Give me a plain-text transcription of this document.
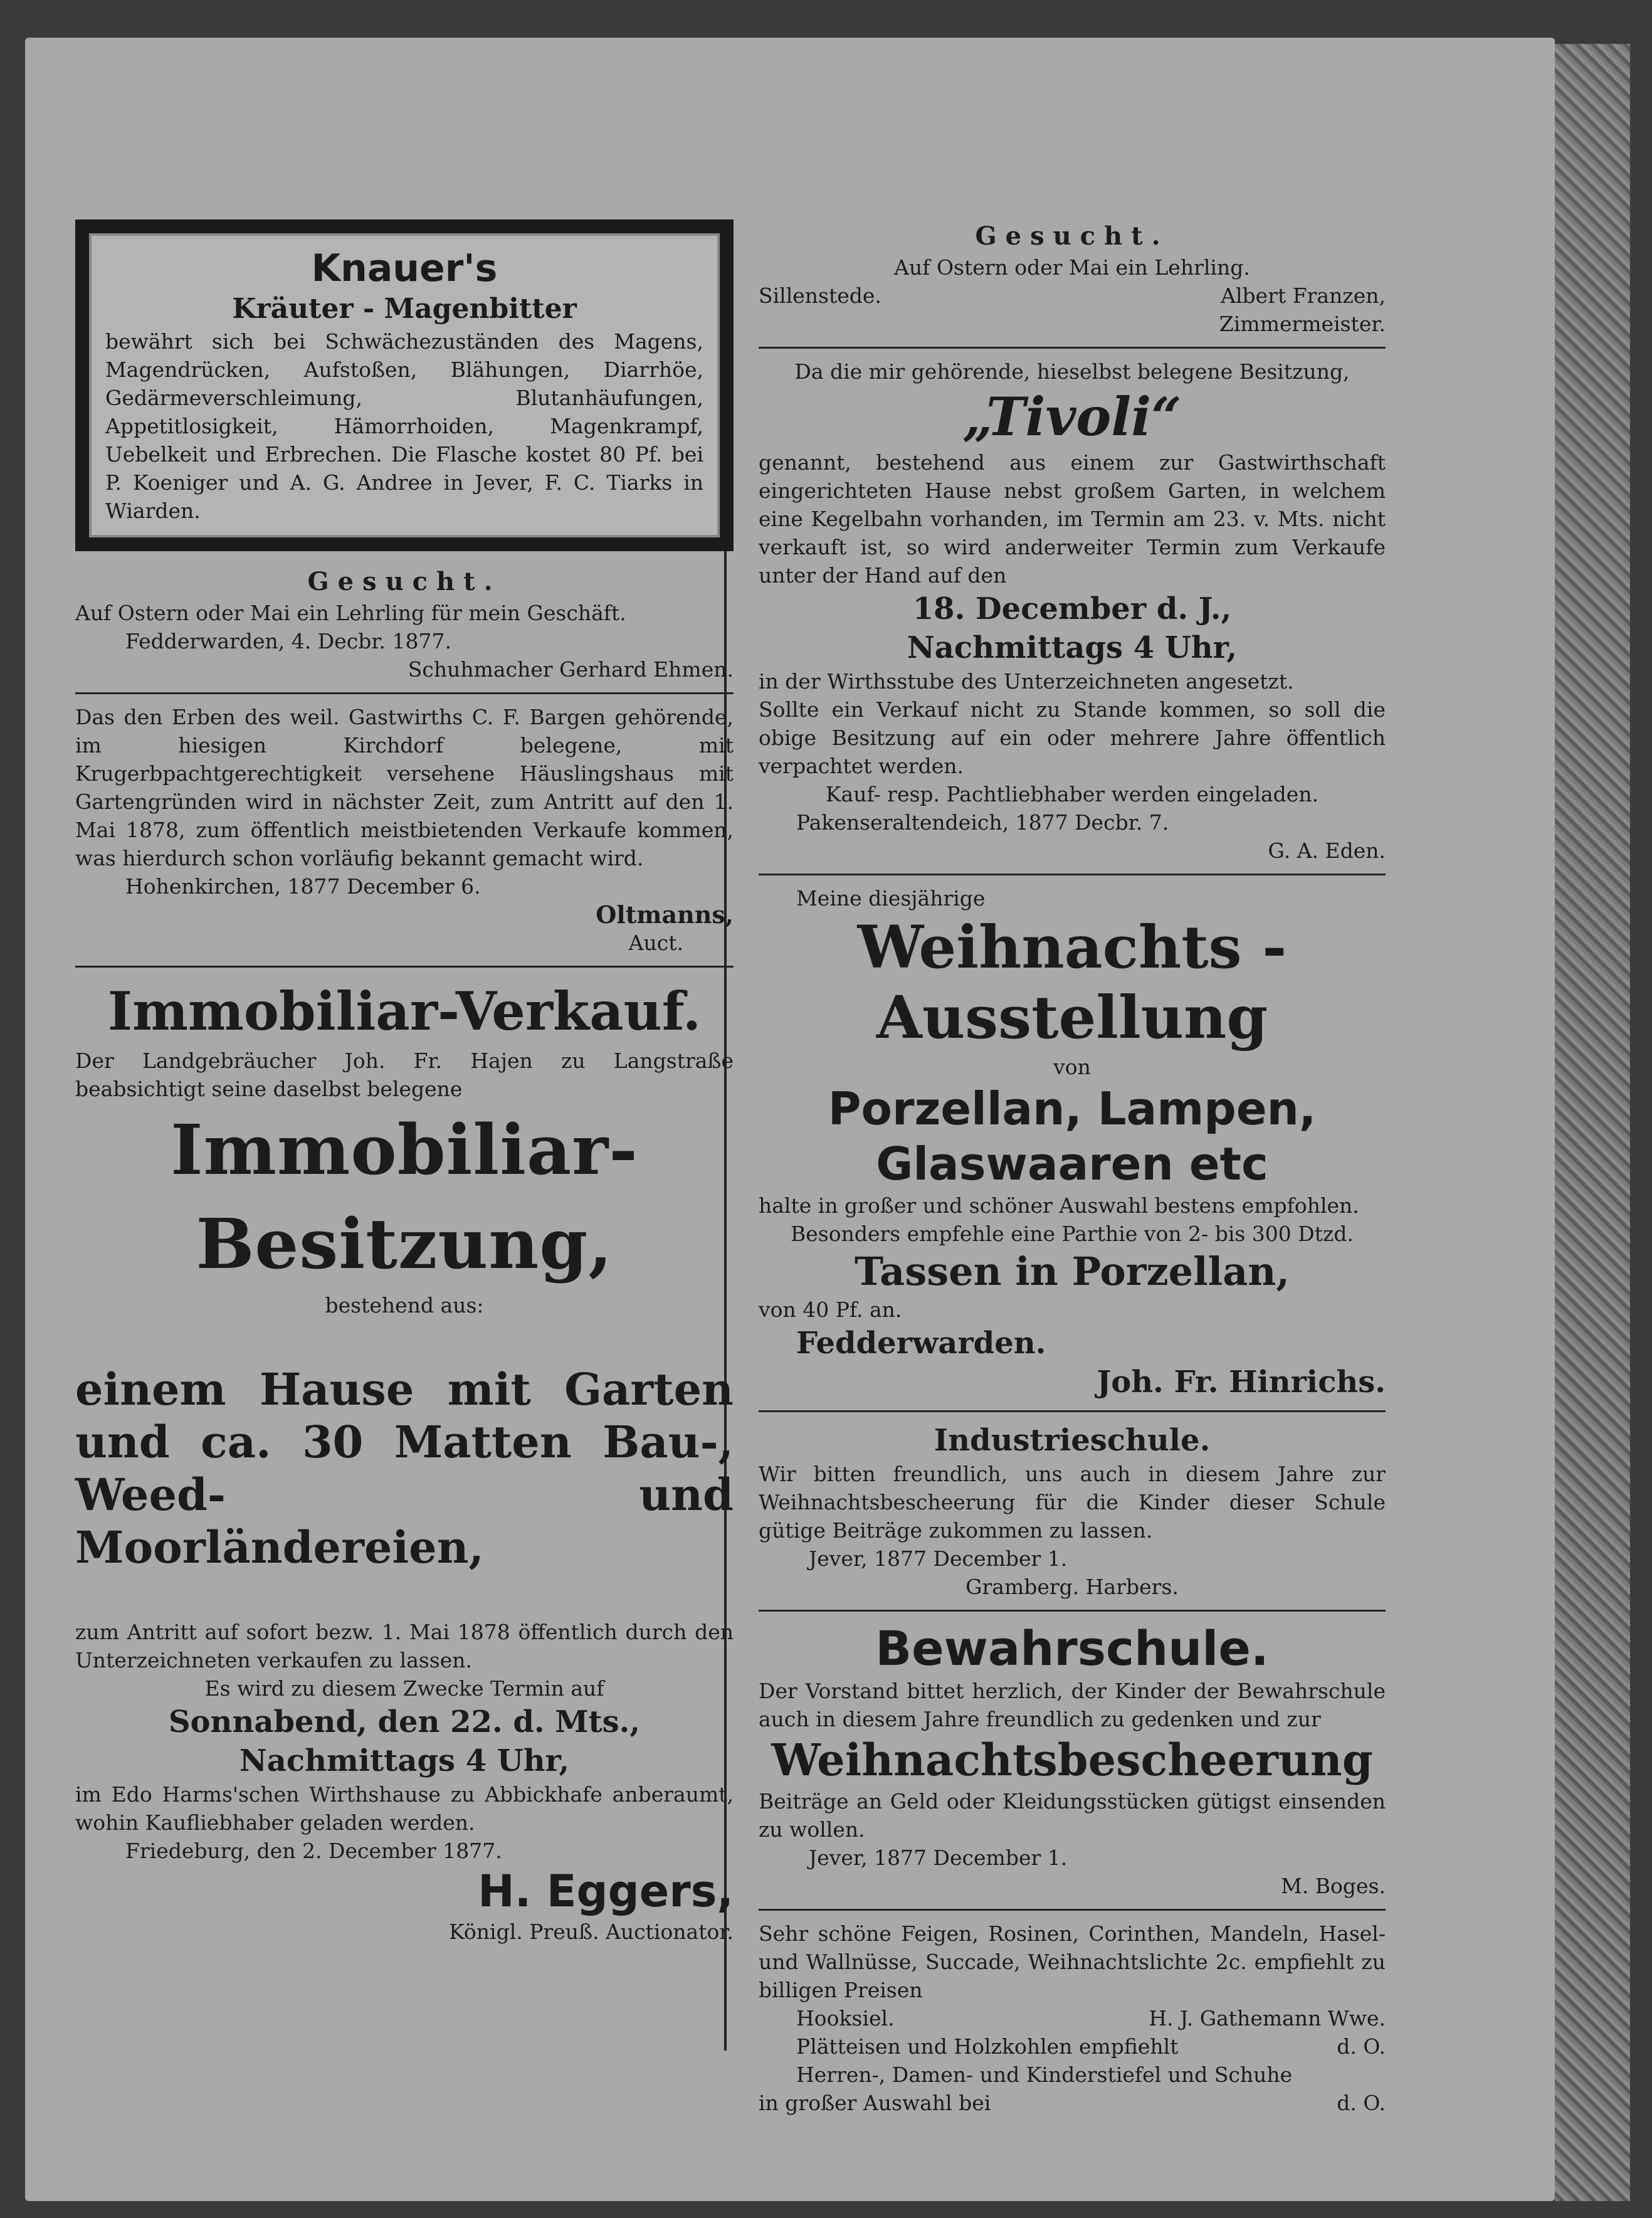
Knauer's
Kräuter - Magenbitter

bewährt sich bei Schwächezuständen des Magens, Magendrücken, Aufstoßen, Blähungen, Diarrhöe, Gedärmeverschleimung, Blutanhäufungen, Appetitlosigkeit, Hämorrhoiden, Magenkrampf, Uebelkeit und Erbrechen. Die Flasche kostet 80 Pf. bei P. Koeniger und A. G. Andree in Jever, F. C. Tiarks in Wiarden.

Gesucht.

Auf Ostern oder Mai ein Lehrling für mein Geschäft.

Fedderwarden, 4. Decbr. 1877.

Schuhmacher Gerhard Ehmen.

Das den Erben des weil. Gastwirths C. F. Bargen gehörende, im hiesigen Kirchdorf belegene, mit Krugerbpachtgerechtigkeit versehene Häuslingshaus mit Gartengründen wird in nächster Zeit, zum Antritt auf den 1. Mai 1878, zum öffentlich meistbietenden Verkaufe kommen, was hierdurch schon vorläufig bekannt gemacht wird.

Hohenkirchen, 1877 December 6.

Oltmanns,

Auct.

Immobiliar-Verkauf.

Der Landgebräucher Joh. Fr. Hajen zu Langstraße beabsichtigt seine daselbst belegene

Immobiliar-
Besitzung,

bestehend aus:

einem Hause mit Garten und ca. 30 Matten Bau-, Weed- und Moorländereien,

zum Antritt auf sofort bezw. 1. Mai 1878 öffentlich durch den Unterzeichneten verkaufen zu lassen.

Es wird zu diesem Zwecke Termin auf

Sonnabend, den 22. d. Mts.,
Nachmittags 4 Uhr,

im Edo Harms'schen Wirthshause zu Abbickhafe anberaumt, wohin Kaufliebhaber geladen werden.

Friedeburg, den 2. December 1877.

H. Eggers,

Königl. Preuß. Auctionator.

Gesucht.

Auf Ostern oder Mai ein Lehrling.

Sillenstede.	Albert Franzen,

Zimmermeister.

Da die mir gehörende, hieselbst belegene Besitzung,

„Tivoli“

genannt, bestehend aus einem zur Gastwirthschaft eingerichteten Hause nebst großem Garten, in welchem eine Kegelbahn vorhanden, im Termin am 23. v. Mts. nicht verkauft ist, so wird anderweiter Termin zum Verkaufe unter der Hand auf den

18. December d. J.,
Nachmittags 4 Uhr,

in der Wirthsstube des Unterzeichneten angesetzt.

Sollte ein Verkauf nicht zu Stande kommen, so soll die obige Besitzung auf ein oder mehrere Jahre öffentlich verpachtet werden.

Kauf- resp. Pachtliebhaber werden eingeladen.

Pakenseraltendeich, 1877 Decbr. 7.

G. A. Eden.

Meine diesjährige

Weihnachts - Ausstellung

von

Porzellan, Lampen,
Glaswaaren etc

halte in großer und schöner Auswahl bestens empfohlen.

Besonders empfehle eine Parthie von 2- bis 300 Dtzd.

Tassen in Porzellan,

von 40 Pf. an.

Fedderwarden.
Joh. Fr. Hinrichs.
Industrieschule.

Wir bitten freundlich, uns auch in diesem Jahre zur Weihnachtsbescheerung für die Kinder dieser Schule gütige Beiträge zukommen zu lassen.

Jever, 1877 December 1.

Gramberg. Harbers.

Bewahrschule.

Der Vorstand bittet herzlich, der Kinder der Bewahrschule auch in diesem Jahre freundlich zu gedenken und zur

Weihnachtsbescheerung

Beiträge an Geld oder Kleidungsstücken gütigst einsenden zu wollen.

Jever, 1877 December 1.

M. Boges.

Sehr schöne Feigen, Rosinen, Corinthen, Mandeln, Hasel- und Wallnüsse, Succade, Weihnachtslichte 2c. empfiehlt zu billigen Preisen

Hooksiel.	H. J. Gathemann Wwe.
Plätteisen und Holzkohlen empfiehlt	d. O.

Herren-, Damen- und Kinderstiefel und Schuhe

in großer Auswahl bei	d. O.
